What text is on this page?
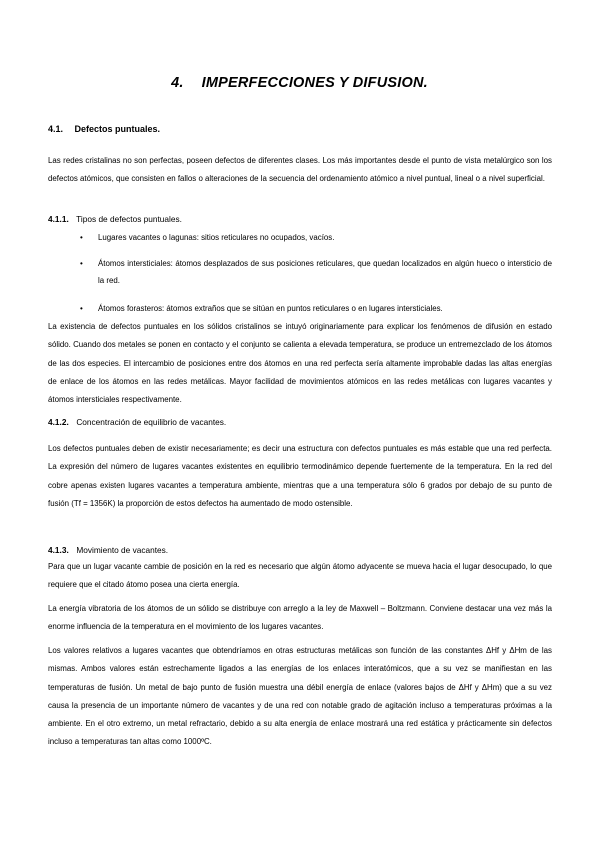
4. IMPERFECCIONES Y DIFUSION.
4.1. Defectos puntuales.
Las redes cristalinas no son perfectas, poseen defectos de diferentes clases. Los más importantes desde el punto de vista metalúrgico son los defectos atómicos, que consisten en fallos o alteraciones de la secuencia del ordenamiento atómico a nivel puntual, lineal o a nivel superficial.
4.1.1. Tipos de defectos puntuales.
• Lugares vacantes o lagunas: sitios reticulares no ocupados, vacíos.
• Átomos intersticiales: átomos desplazados de sus posiciones reticulares, que quedan localizados en algún hueco o intersticio de la red.
• Átomos forasteros: átomos extraños que se sitúan en puntos reticulares o en lugares intersticiales.
La existencia de defectos puntuales en los sólidos cristalinos se intuyó originariamente para explicar los fenómenos de difusión en estado sólido. Cuando dos metales se ponen en contacto y el conjunto se calienta a elevada temperatura, se produce un entremezclado de los átomos de las dos especies. El intercambio de posiciones entre dos átomos en una red perfecta sería altamente improbable dadas las altas energías de enlace de los átomos en las redes metálicas. Mayor facilidad de movimientos atómicos en las redes metálicas con lugares vacantes y átomos intersticiales respectivamente.
4.1.2. Concentración de equilibrio de vacantes.
Los defectos puntuales deben de existir necesariamente; es decir una estructura con defectos puntuales es más estable que una red perfecta. La expresión del número de lugares vacantes existentes en equilibrio termodinámico depende fuertemente de la temperatura. En la red del cobre apenas existen lugares vacantes a temperatura ambiente, mientras que a una temperatura sólo 6 grados por debajo de su punto de fusión (Tf = 1356K) la proporción de estos defectos ha aumentado de modo ostensible.
4.1.3. Movimiento de vacantes.
Para que un lugar vacante cambie de posición en la red es necesario que algún átomo adyacente se mueva hacia el lugar desocupado, lo que requiere que el citado átomo posea una cierta energía.
La energía vibratoria de los átomos de un sólido se distribuye con arreglo a la ley de Maxwell – Boltzmann. Conviene destacar una vez más la enorme influencia de la temperatura en el movimiento de los lugares vacantes.
Los valores relativos a lugares vacantes que obtendríamos en otras estructuras metálicas son función de las constantes ΔHf y ΔHm de las mismas. Ambos valores están estrechamente ligados a las energías de los enlaces interatómicos, que a su vez se manifiestan en las temperaturas de fusión. Un metal de bajo punto de fusión muestra una débil energía de enlace (valores bajos de ΔHf y ΔHm) que a su vez causa la presencia de un importante número de vacantes y de una red con notable grado de agitación incluso a temperaturas próximas a la ambiente. En el otro extremo, un metal refractario, debido a su alta energía de enlace mostrará una red estática y prácticamente sin defectos incluso a temperaturas tan altas como 1000ºC.
